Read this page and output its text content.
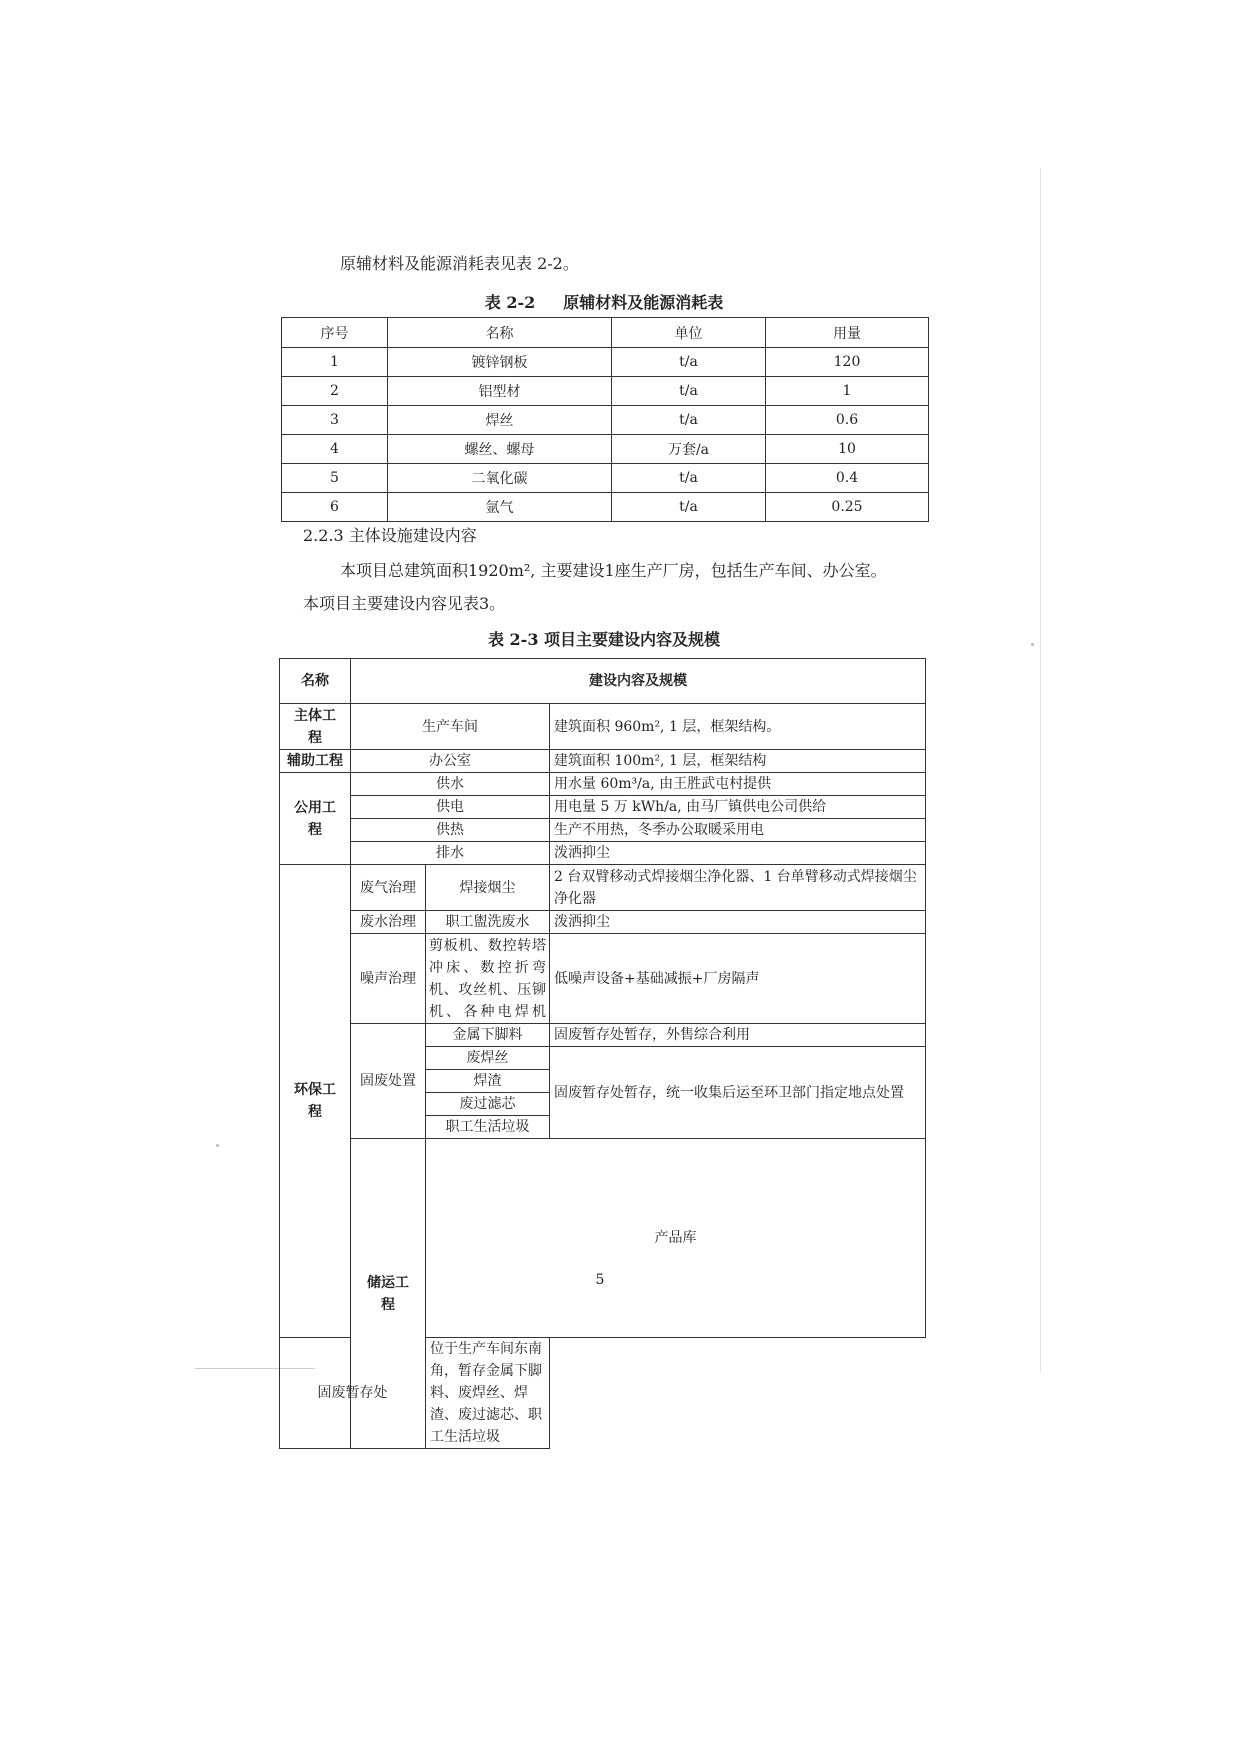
原辅材料及能源消耗表见表 2-2。
表 2-2 原辅材料及能源消耗表
序号	名称	单位	用量
1	镀锌钢板	t/a	120
2	铝型材	t/a	1
3	焊丝	t/a	0.6
4	螺丝、螺母	万套/a	10
5	二氧化碳	t/a	0.4
6	氩气	t/a	0.25
2.2.3 主体设施建设内容
本项目总建筑面积1920m², 主要建设1座生产厂房，包括生产车间、办公室。
本项目主要建设内容见表3。
表 2-3 项目主要建设内容及规模
名称	建设内容及规模			
主体工程	生产车间		建筑面积 960m², 1 层，框架结构。	
辅助工程	办公室		建筑面积 100m², 1 层，框架结构	
公用工程	供水		用水量 60m³/a, 由王胜武屯村提供	
	供电		用电量 5 万 kWh/a, 由马厂镇供电公司供给	
	供热		生产不用热，冬季办公取暖采用电	
	排水		泼洒抑尘	
环保工程	废气治理	焊接烟尘	2 台双臂移动式焊接烟尘净化器、1 台单臂移动式焊接烟尘净化器	
	废水治理	职工盥洗废水	泼洒抑尘	
	噪声治理	剪板机、数控转塔冲床、数控折弯机、攻丝机、压铆机、各种电焊机	低噪声设备+基础减振+厂房隔声	
	固废处置	金属下脚料	固废暂存处暂存，外售综合利用	
		废焊丝	固废暂存处暂存，统一收集后运至环卫部门指定地点处置	
		焊渣		
		废过滤芯		
		职工生活垃圾		
	储运工程	产品库	
固废暂存处		位于生产车间东南角，暂存金属下脚料、废焊丝、焊渣、废过滤芯、职工生活垃圾		
5
